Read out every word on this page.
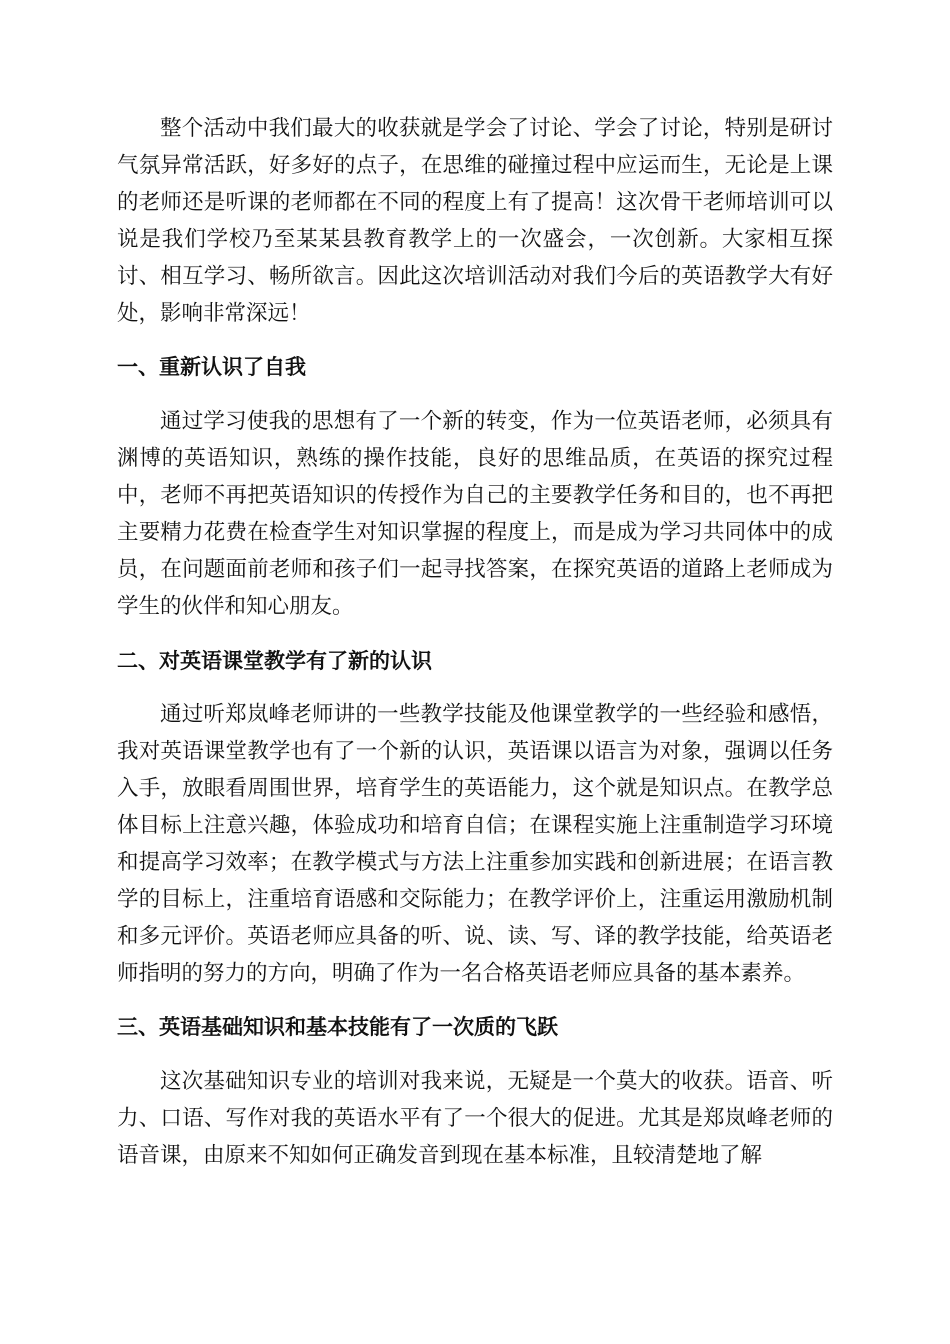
整个活动中我们最大的收获就是学会了讨论、学会了讨论，特别是研讨气氛异常活跃，好多好的点子，在思维的碰撞过程中应运而生，无论是上课的老师还是听课的老师都在不同的程度上有了提高！这次骨干老师培训可以说是我们学校乃至某某县教育教学上的一次盛会，一次创新。大家相互探讨、相互学习、畅所欲言。因此这次培训活动对我们今后的英语教学大有好处，影响非常深远！

一、重新认识了自我

通过学习使我的思想有了一个新的转变，作为一位英语老师，必须具有渊博的英语知识，熟练的操作技能，良好的思维品质，在英语的探究过程中，老师不再把英语知识的传授作为自己的主要教学任务和目的，也不再把主要精力花费在检查学生对知识掌握的程度上，而是成为学习共同体中的成员，在问题面前老师和孩子们一起寻找答案，在探究英语的道路上老师成为学生的伙伴和知心朋友。

二、对英语课堂教学有了新的认识

通过听郑岚峰老师讲的一些教学技能及他课堂教学的一些经验和感悟，我对英语课堂教学也有了一个新的认识，英语课以语言为对象，强调以任务入手，放眼看周围世界，培育学生的英语能力，这个就是知识点。在教学总体目标上注意兴趣，体验成功和培育自信；在课程实施上注重制造学习环境和提高学习效率；在教学模式与方法上注重参加实践和创新进展；在语言教学的目标上，注重培育语感和交际能力；在教学评价上，注重运用激励机制和多元评价。英语老师应具备的听、说、读、写、译的教学技能，给英语老师指明的努力的方向，明确了作为一名合格英语老师应具备的基本素养。

三、英语基础知识和基本技能有了一次质的飞跃

这次基础知识专业的培训对我来说，无疑是一个莫大的收获。语音、听力、口语、写作对我的英语水平有了一个很大的促进。尤其是郑岚峰老师的语音课，由原来不知如何正确发音到现在基本标准，且较清楚地了解
